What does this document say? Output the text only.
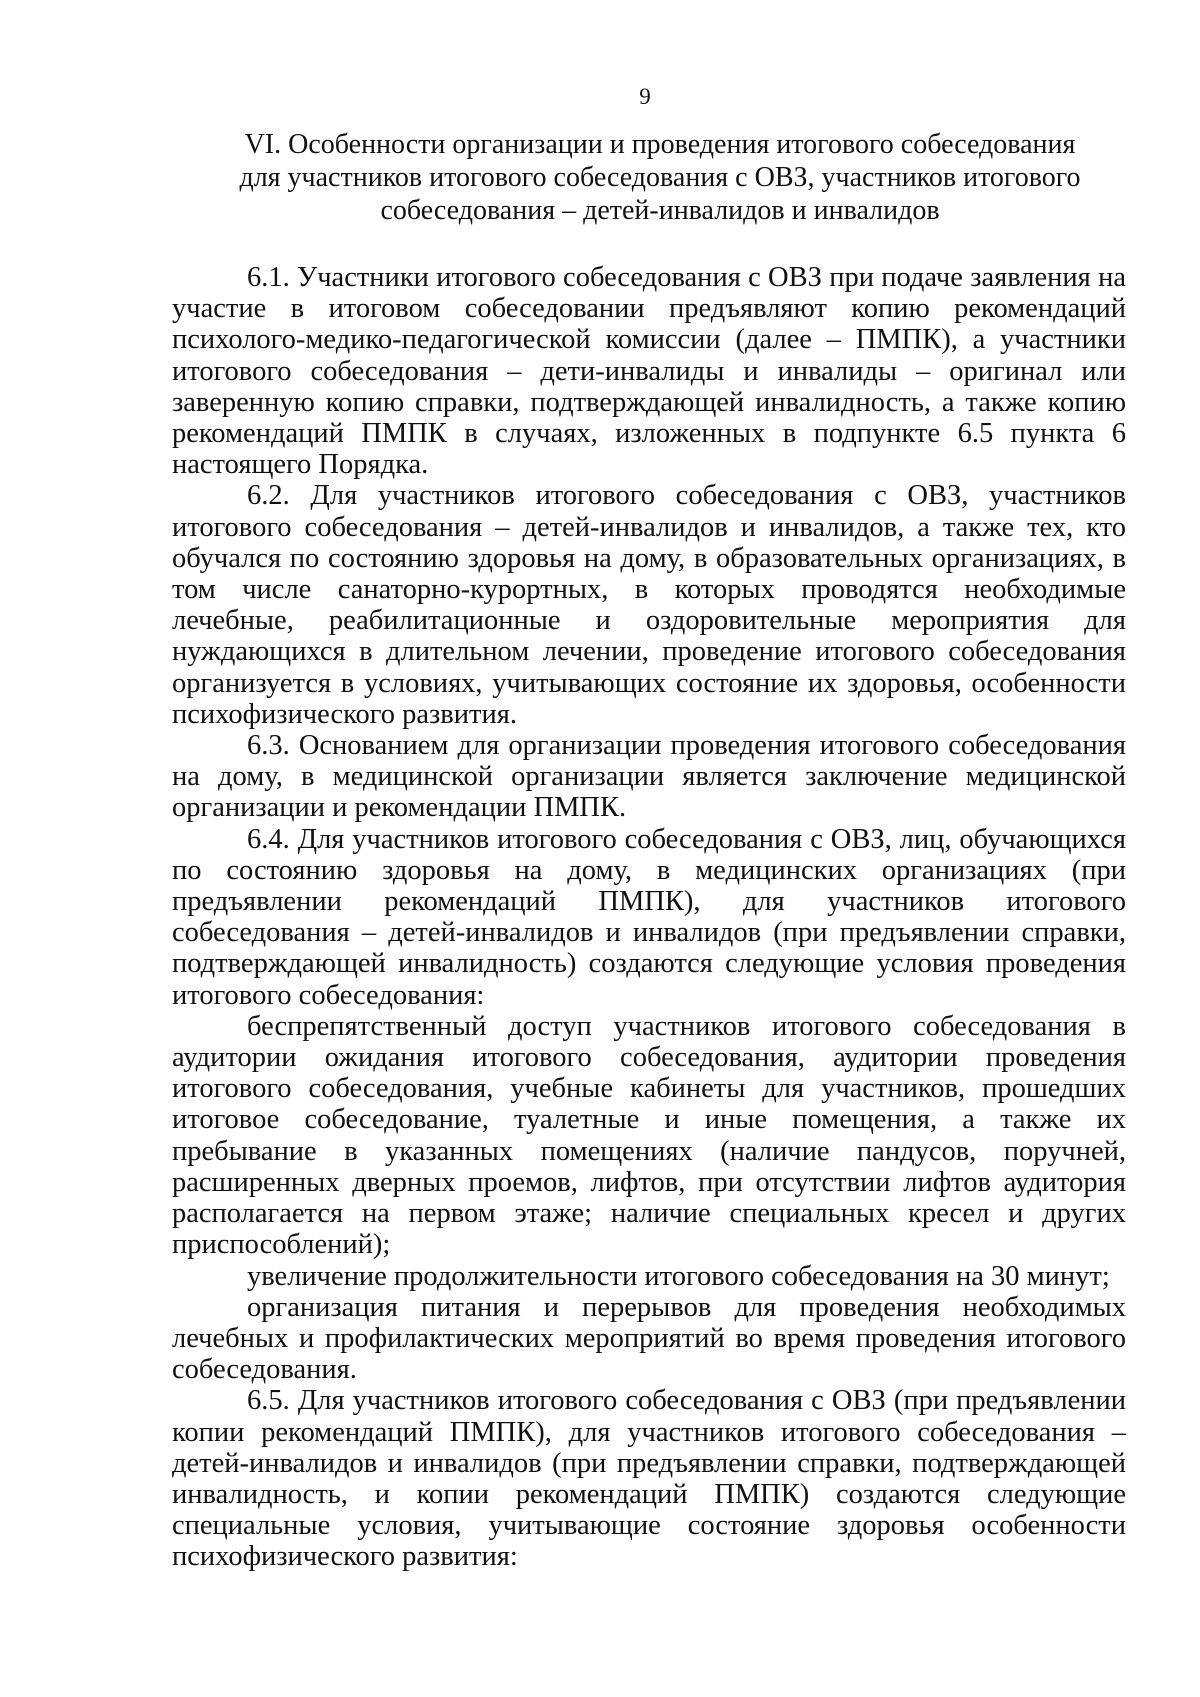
9
VI. Особенности организации и проведения итогового собеседования
для участников итогового собеседования с ОВЗ, участников итогового
собеседования – детей-инвалидов и инвалидов

6.1. Участники итогового собеседования с ОВЗ при подаче заявления на участие в итоговом собеседовании предъявляют копию рекомендаций психолого-медико-педагогической комиссии (далее – ПМПК), а участники итогового собеседования – дети-инвалиды и инвалиды – оригинал или заверенную копию справки, подтверждающей инвалидность, а также копию рекомендаций ПМПК в случаях, изложенных в подпункте 6.5 пункта 6 настоящего Порядка.

6.2. Для участников итогового собеседования с ОВЗ, участников итогового собеседования – детей-инвалидов и инвалидов, а также тех, кто обучался по состоянию здоровья на дому, в образовательных организациях, в том числе санаторно-курортных, в которых проводятся необходимые лечебные, реабилитационные и оздоровительные мероприятия для нуждающихся в длительном лечении, проведение итогового собеседования организуется в условиях, учитывающих состояние их здоровья, особенности психофизического развития.

6.3. Основанием для организации проведения итогового собеседования на дому, в медицинской организации является заключение медицинской организации и рекомендации ПМПК.

6.4. Для участников итогового собеседования с ОВЗ, лиц, обучающихся по состоянию здоровья на дому, в медицинских организациях (при предъявлении рекомендаций ПМПК), для участников итогового собеседования – детей-инвалидов и инвалидов (при предъявлении справки, подтверждающей инвалидность) создаются следующие условия проведения итогового собеседования:

беспрепятственный доступ участников итогового собеседования в аудитории ожидания итогового собеседования, аудитории проведения итогового собеседования, учебные кабинеты для участников, прошедших итоговое собеседование, туалетные и иные помещения, а также их пребывание в указанных помещениях (наличие пандусов, поручней, расширенных дверных проемов, лифтов, при отсутствии лифтов аудитория располагается на первом этаже; наличие специальных кресел и других приспособлений);

увеличение продолжительности итогового собеседования на 30 минут;

организация питания и перерывов для проведения необходимых лечебных и профилактических мероприятий во время проведения итогового собеседования.

6.5. Для участников итогового собеседования с ОВЗ (при предъявлении копии рекомендаций ПМПК), для участников итогового собеседования – детей-инвалидов и инвалидов (при предъявлении справки, подтверждающей инвалидность, и копии рекомендаций ПМПК) создаются следующие специальные условия, учитывающие состояние здоровья особенности психофизического развития:
